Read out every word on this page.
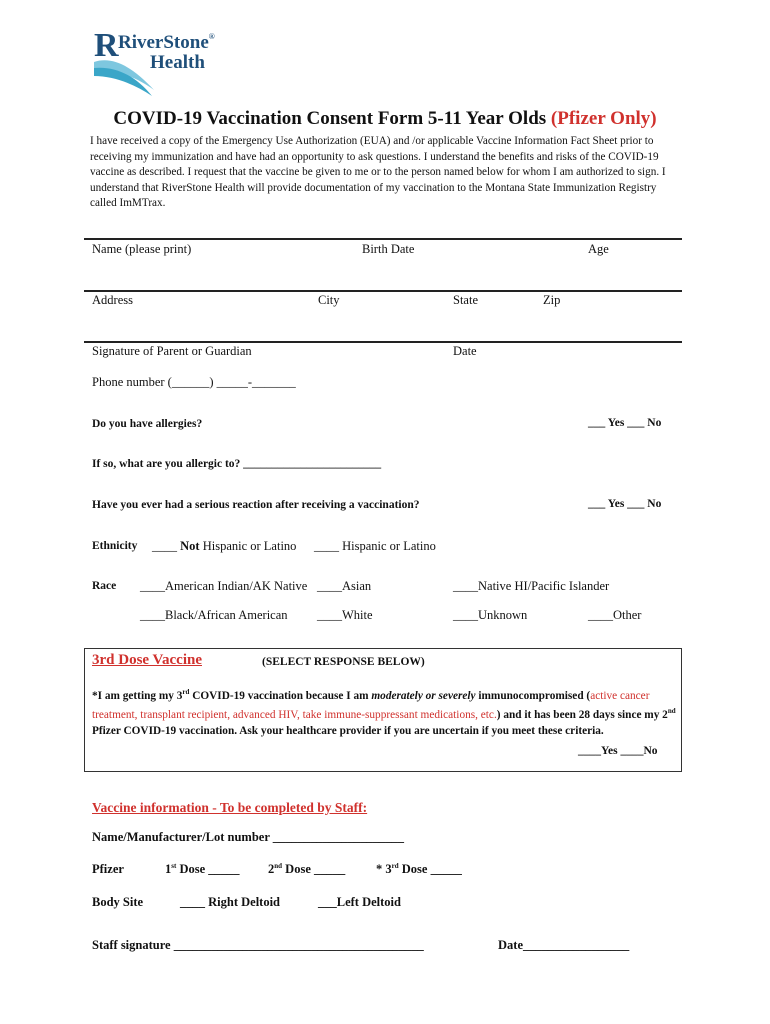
R RiverStone®
Health
COVID-19 Vaccination Consent Form 5-11 Year Olds (Pfizer Only)
I have received a copy of the Emergency Use Authorization (EUA) and /or applicable Vaccine Information Fact Sheet prior to receiving my immunization and have had an opportunity to ask questions. I understand the benefits and risks of the COVID-19 vaccine as described. I request that the vaccine be given to me or to the person named below for whom I am authorized to sign. I understand that RiverStone Health will provide documentation of my vaccination to the Montana State Immunization Registry called ImMTrax.
Name (please print)	Birth Date	Age
Address	City	State	Zip
Signature of Parent or Guardian	Date
Phone number (______) _____-_______
Do you have allergies?	___ Yes ___ No
If so, what are you allergic to? ________________________
Have you ever had a serious reaction after receiving a vaccination?	___ Yes ___ No
Ethnicity ____ Not Hispanic or Latino ____ Hispanic or Latino
Race ____American Indian/AK Native ____Asian	____Native HI/Pacific Islander
____Black/African American ____White	____Unknown	____Other
3rd Dose Vaccine	(SELECT RESPONSE BELOW)
*I am getting my 3rd COVID-19 vaccination because I am moderately or severely immunocompromised (active cancer treatment, transplant recipient, advanced HIV, take immune-suppressant medications, etc.) and it has been 28 days since my 2nd Pfizer COVID-19 vaccination. Ask your healthcare provider if you are uncertain if you meet these criteria.
____Yes ____No
Vaccine information - To be completed by Staff:
Name/Manufacturer/Lot number _____________________
Pfizer	1st Dose _____ 2nd Dose _____ * 3rd Dose _____
Body Site	____ Right Deltoid	___Left Deltoid
Staff signature ________________________________________	Date_________________
